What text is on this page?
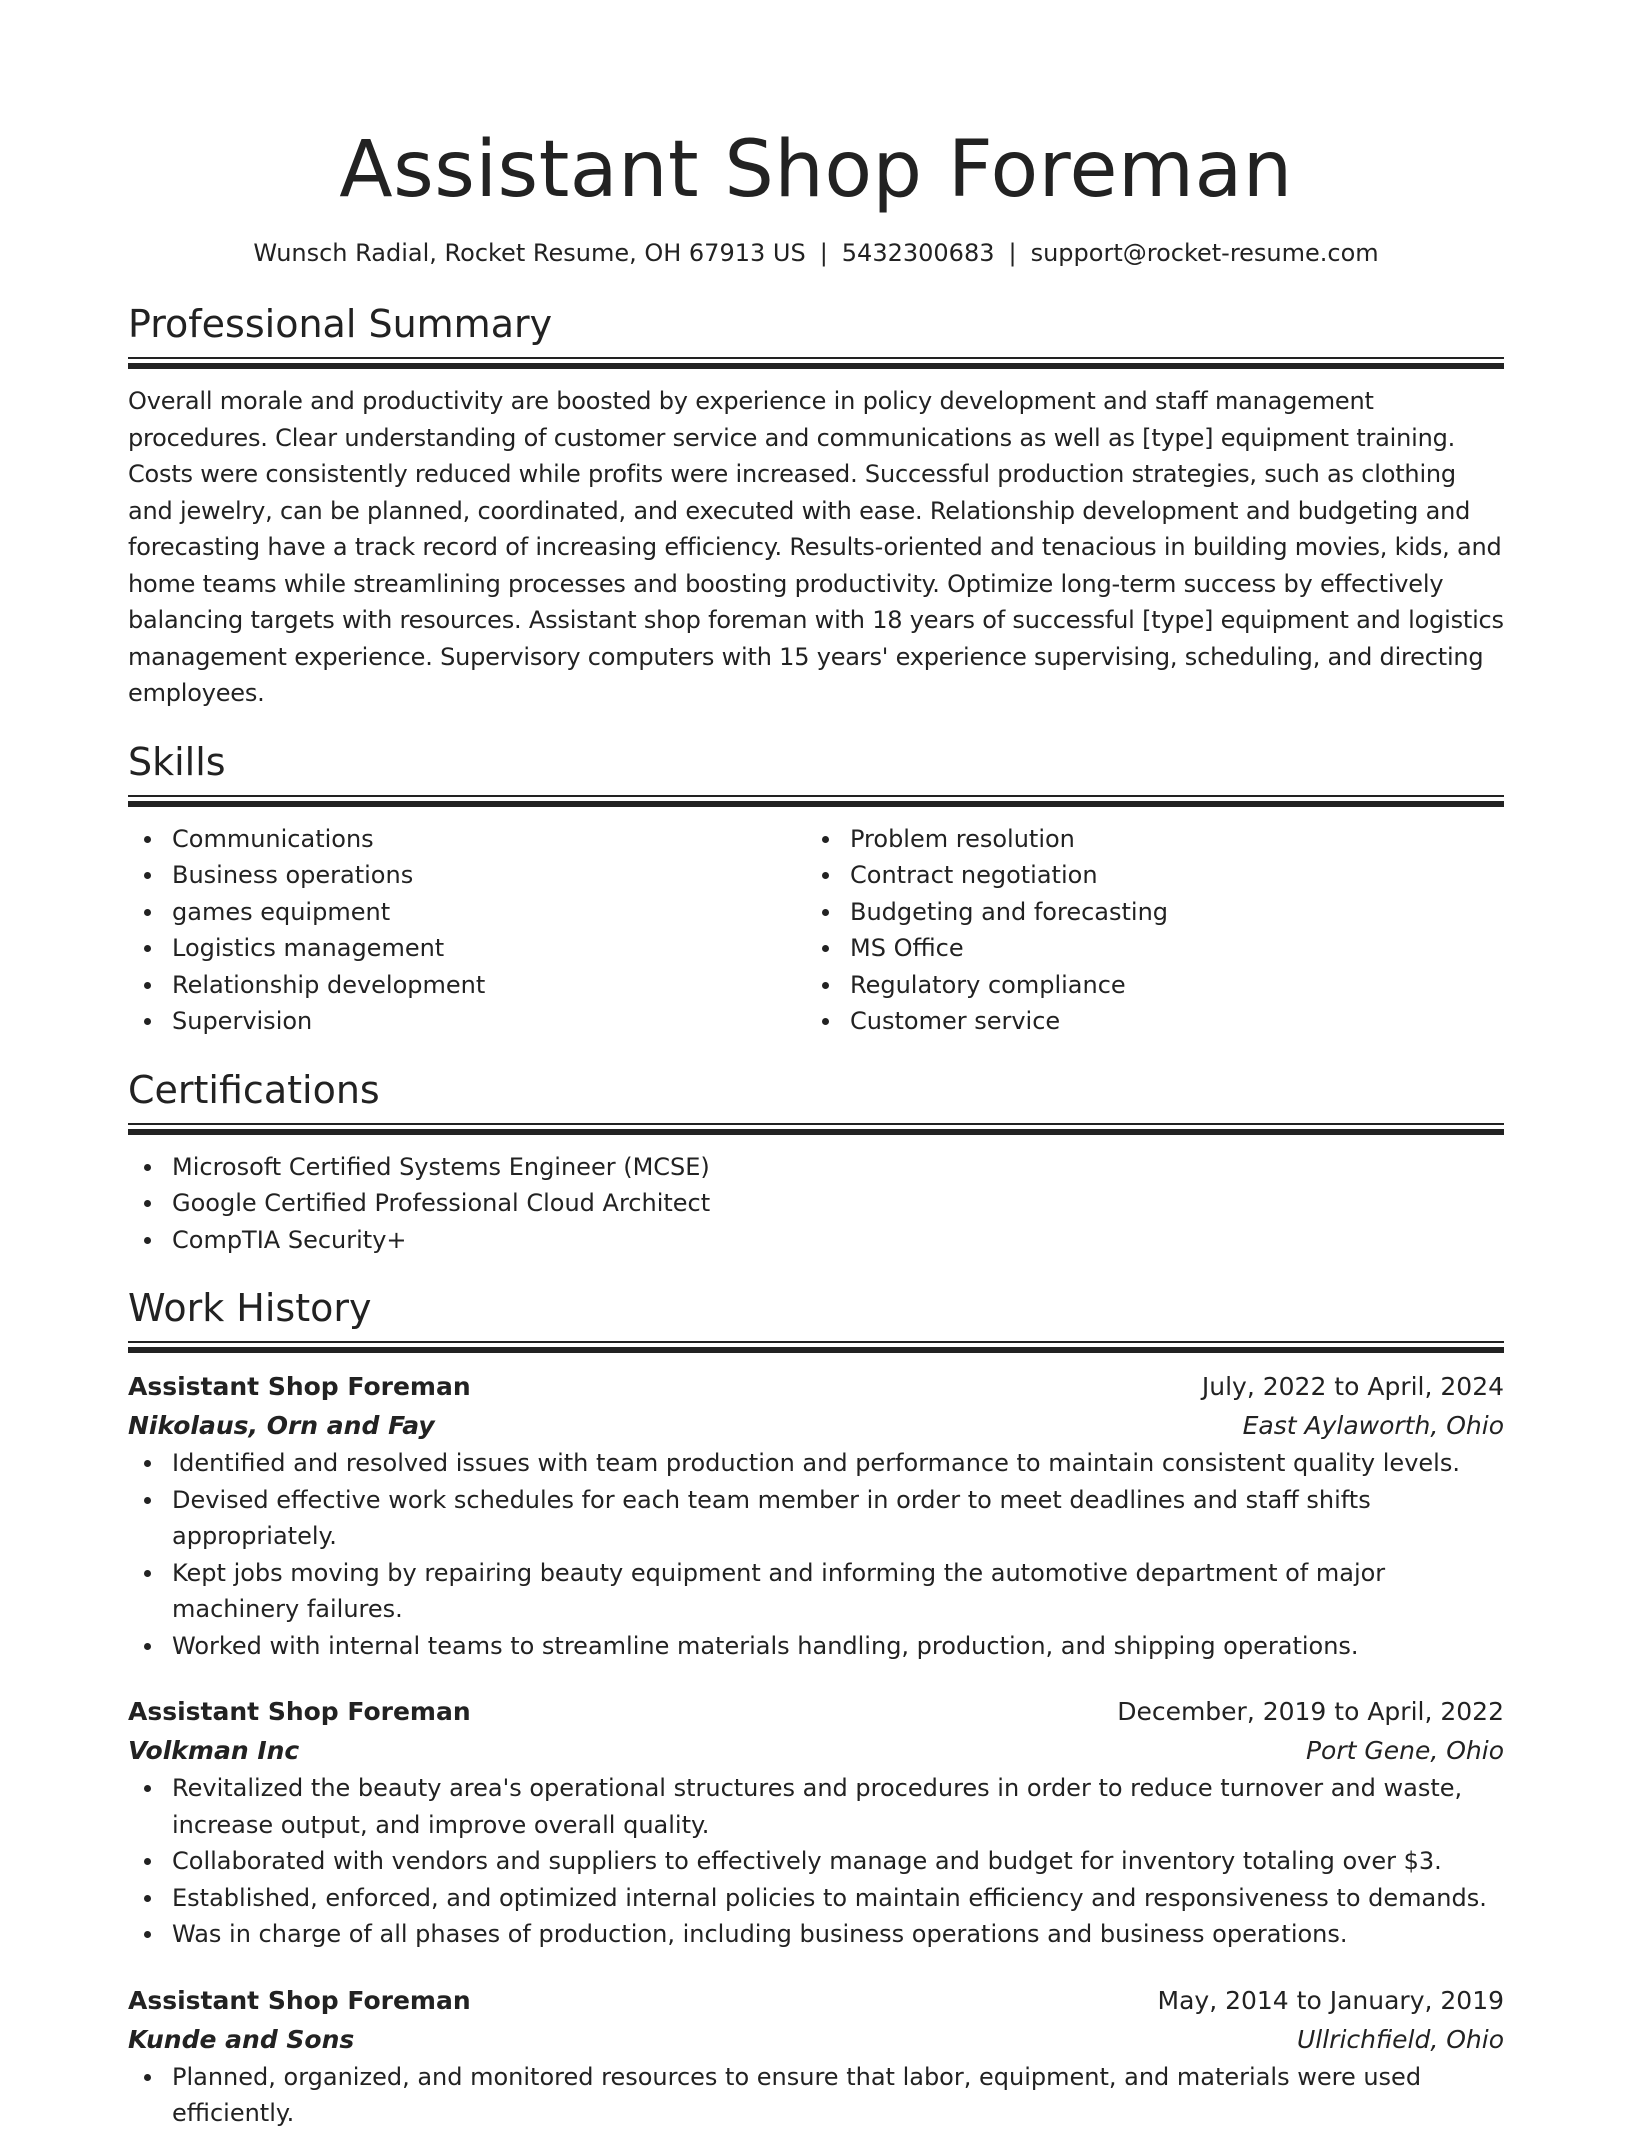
Assistant Shop Foreman
Wunsch Radial, Rocket Resume, OH 67913 US | 5432300683 | support@rocket-resume.com
Professional Summary

Overall morale and productivity are boosted by experience in policy development and staff management procedures. Clear understanding of customer service and communications as well as [type] equipment training. Costs were consistently reduced while profits were increased. Successful production strategies, such as clothing and jewelry, can be planned, coordinated, and executed with ease. Relationship development and budgeting and forecasting have a track record of increasing efficiency. Results-oriented and tenacious in building movies, kids, and home teams while streamlining processes and boosting productivity. Optimize long-term success by effectively balancing targets with resources. Assistant shop foreman with 18 years of successful [type] equipment and logistics management experience. Supervisory computers with 15 years' experience supervising, scheduling, and directing employees.

Skills
Communications
Business operations
games equipment
Logistics management
Relationship development
Supervision
Problem resolution
Contract negotiation
Budgeting and forecasting
MS Office
Regulatory compliance
Customer service
Certifications
Microsoft Certified Systems Engineer (MCSE)
Google Certified Professional Cloud Architect
CompTIA Security+
Work History
Assistant Shop Foreman	July, 2022 to April, 2024
Nikolaus, Orn and Fay	East Aylaworth, Ohio
Identified and resolved issues with team production and performance to maintain consistent quality levels.
Devised effective work schedules for each team member in order to meet deadlines and staff shifts appropriately.
Kept jobs moving by repairing beauty equipment and informing the automotive department of major machinery failures.
Worked with internal teams to streamline materials handling, production, and shipping operations.
Assistant Shop Foreman	December, 2019 to April, 2022
Volkman Inc	Port Gene, Ohio
Revitalized the beauty area's operational structures and procedures in order to reduce turnover and waste, increase output, and improve overall quality.
Collaborated with vendors and suppliers to effectively manage and budget for inventory totaling over $3.
Established, enforced, and optimized internal policies to maintain efficiency and responsiveness to demands.
Was in charge of all phases of production, including business operations and business operations.
Assistant Shop Foreman	May, 2014 to January, 2019
Kunde and Sons	Ullrichfield, Ohio
Planned, organized, and monitored resources to ensure that labor, equipment, and materials were used efficiently.
